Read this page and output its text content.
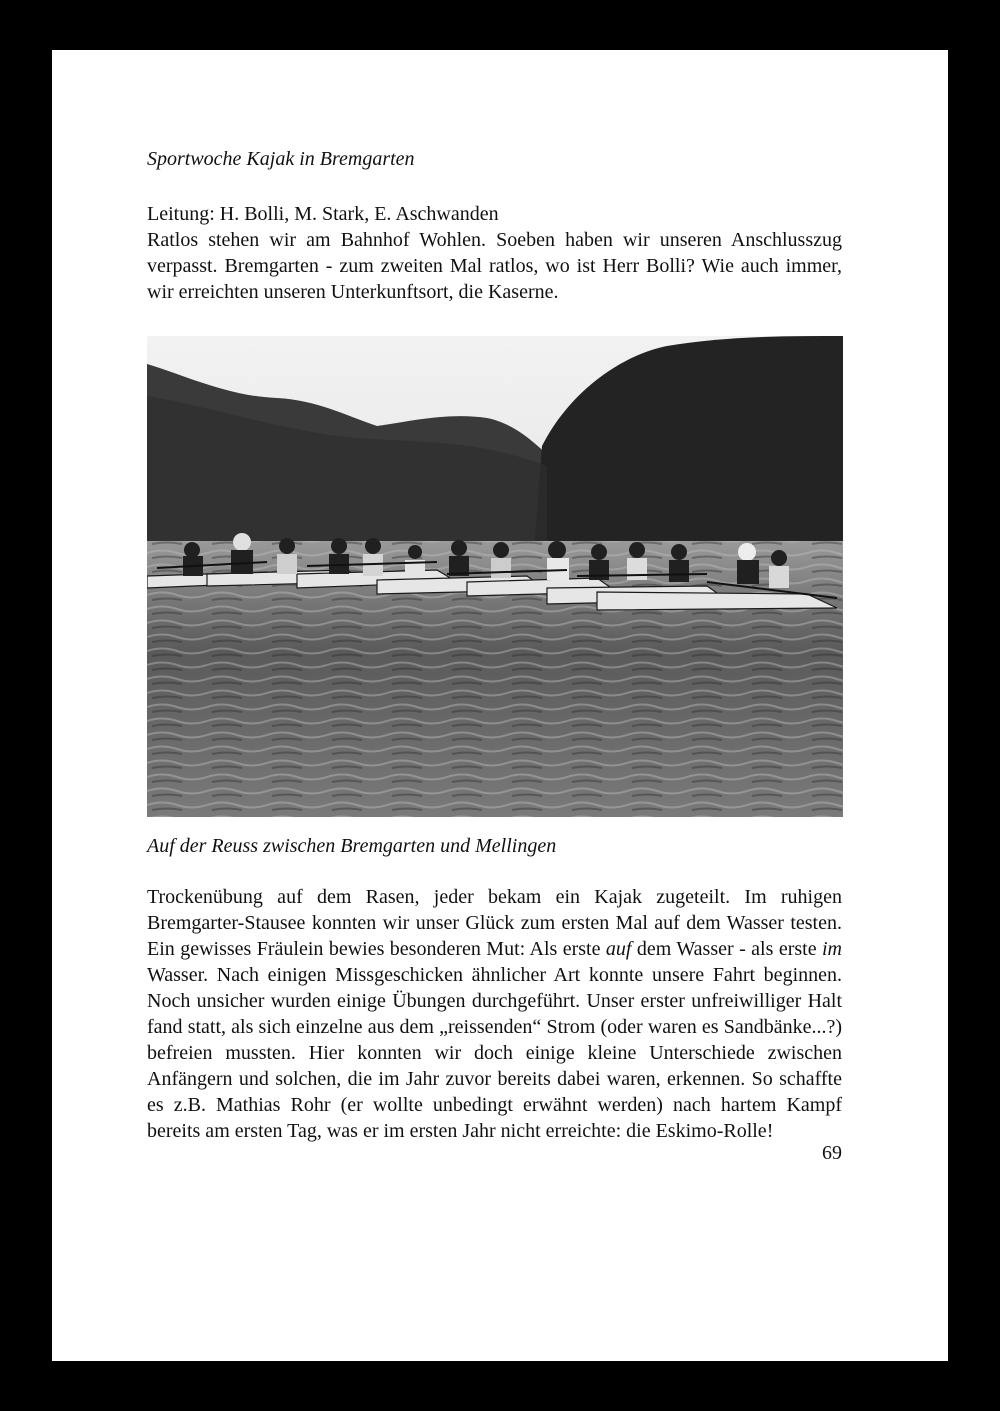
Sportwoche Kajak in Bremgarten
Leitung: H. Bolli, M. Stark, E. Aschwanden
Ratlos stehen wir am Bahnhof Wohlen. Soeben haben wir unseren Anschlusszug verpasst. Bremgarten - zum zweiten Mal ratlos, wo ist Herr Bolli? Wie auch immer, wir erreichten unseren Unterkunftsort, die Kaserne.
Auf der Reuss zwischen Bremgarten und Mellingen
Trockenübung auf dem Rasen, jeder bekam ein Kajak zugeteilt. Im ruhigen Bremgarter-Stausee konnten wir unser Glück zum ersten Mal auf dem Wasser testen. Ein gewisses Fräulein bewies besonderen Mut: Als erste auf dem Wasser - als erste im Wasser. Nach einigen Missgeschicken ähnlicher Art konnte unsere Fahrt beginnen. Noch unsicher wurden einige Übungen durchgeführt. Unser erster unfreiwilliger Halt fand statt, als sich einzelne aus dem „reissenden“ Strom (oder waren es Sandbänke...?) befreien mussten. Hier konnten wir doch einige kleine Unterschiede zwischen Anfängern und solchen, die im Jahr zuvor bereits dabei waren, erkennen. So schaffte es z.B. Mathias Rohr (er wollte unbedingt erwähnt werden) nach hartem Kampf bereits am ersten Tag, was er im ersten Jahr nicht erreichte: die Eskimo-Rolle!
69
